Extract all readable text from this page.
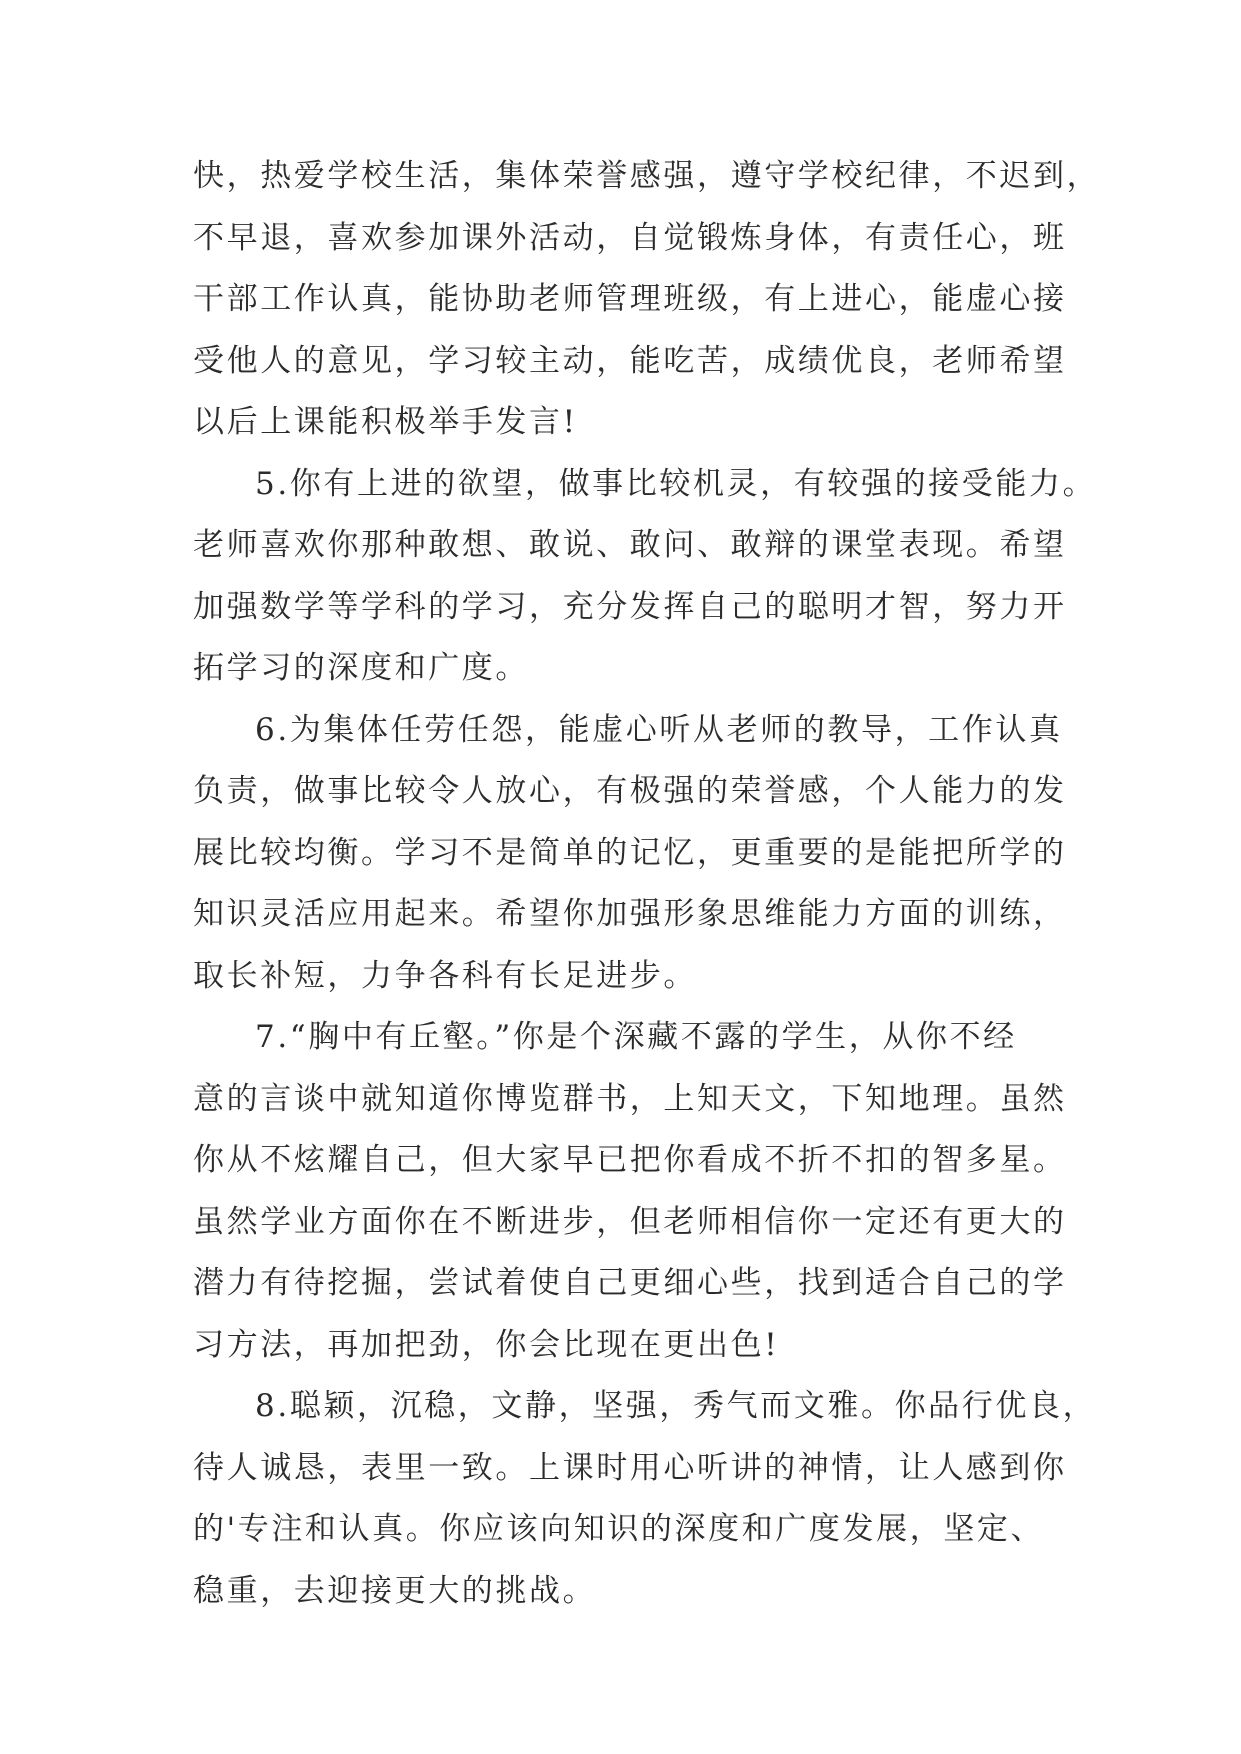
快，热爱学校生活，集体荣誉感强，遵守学校纪律，不迟到，
不早退，喜欢参加课外活动，自觉锻炼身体，有责任心，班
干部工作认真，能协助老师管理班级，有上进心，能虚心接
受他人的意见，学习较主动，能吃苦，成绩优良，老师希望
以后上课能积极举手发言!
5.你有上进的欲望，做事比较机灵，有较强的接受能力。
老师喜欢你那种敢想、敢说、敢问、敢辩的课堂表现。希望
加强数学等学科的学习，充分发挥自己的聪明才智，努力开
拓学习的深度和广度。
6.为集体任劳任怨，能虚心听从老师的教导，工作认真
负责，做事比较令人放心，有极强的荣誉感，个人能力的发
展比较均衡。学习不是简单的记忆，更重要的是能把所学的
知识灵活应用起来。希望你加强形象思维能力方面的训练，
取长补短，力争各科有长足进步。
7.“胸中有丘壑。”你是个深藏不露的学生，从你不经
意的言谈中就知道你博览群书，上知天文，下知地理。虽然
你从不炫耀自己，但大家早已把你看成不折不扣的智多星。
虽然学业方面你在不断进步，但老师相信你一定还有更大的
潜力有待挖掘，尝试着使自己更细心些，找到适合自己的学
习方法，再加把劲，你会比现在更出色!
8.聪颖，沉稳，文静，坚强，秀气而文雅。你品行优良，
待人诚恳，表里一致。上课时用心听讲的神情，让人感到你
的'专注和认真。你应该向知识的深度和广度发展，坚定、
稳重，去迎接更大的挑战。
